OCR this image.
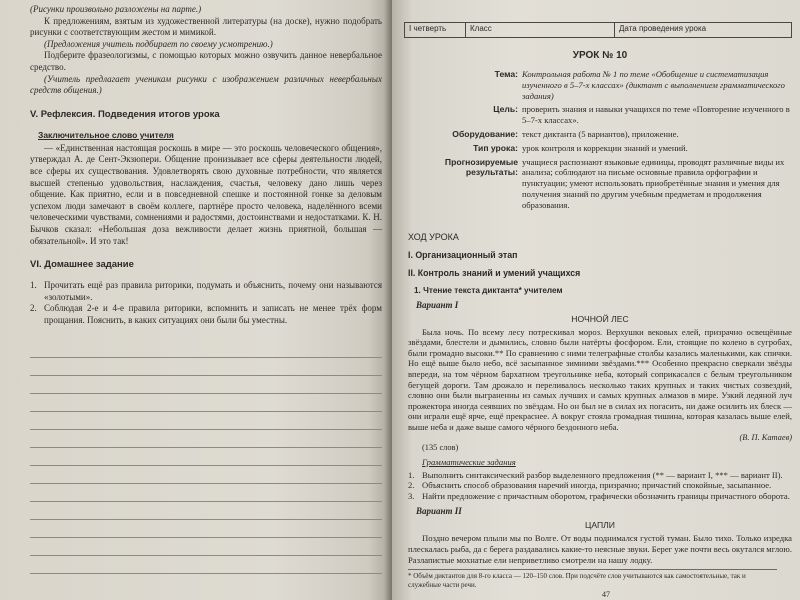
(Рисунки произвольно разложены на парте.)

К предложениям, взятым из художественной литературы (на доске), нужно подобрать рисунки с соответствующим жестом и мимикой.

(Предложения учитель подбирает по своему усмотрению.)

Подберите фразеологизмы, с помощью которых можно озвучить данное невербальное средство.

(Учитель предлагает ученикам рисунки с изображением различных невербальных средств общения.)

V. Рефлексия. Подведения итогов урока
Заключительное слово учителя

— «Единственная настоящая роскошь в мире — это роскошь человеческого общения», утверждал А. де Сент-Экзюпери. Общение пронизывает все сферы деятельности людей, все сферы их существования. Удовлетворять свою духовные потребности, что является высшей степенью удовольствия, наслаждения, счастья, человеку дано лишь через общение. Как приятно, если и в повседневной спешке и постоянной гонке за деловым успехом люди замечают в своём коллеге, партнёре просто человека, наделённого всеми человеческими чувствами, сомнениями и радостями, достоинствами и недостатками. К. Н. Бычков сказал: «Небольшая доза вежливости делает жизнь приятной, большая — обязательной». И это так!

VI. Домашнее задание
1. Прочитать ещё раз правила риторики, подумать и объяснить, почему они называются «золотыми».
2. Соблюдая 2-е и 4-е правила риторики, вспомнить и записать не менее трёх форм прощания. Пояснить, в каких ситуациях они были бы уместны.
I четверть	Класс	Дата проведения урока
УРОК № 10
Тема: Контрольная работа № 1 по теме «Обобщение и систематизация изученного в 5–7-х классах» (диктант с выполнением грамматического задания)
Цель: проверить знания и навыки учащихся по теме «Повторение изученного в 5–7-х классах».
Оборудование: текст диктанта (5 вариантов), приложение.
Тип урока: урок контроля и коррекции знаний и умений.
Прогнозируемые результаты:
учащиеся распознают языковые единицы, проводят различные виды их анализа; соблюдают на письме основные правила орфографии и пунктуации; умеют использовать приобретённые знания и умения для получения знаний по другим учебным предметам и продолжения образования.
ХОД УРОКА
I. Организационный этап
II. Контроль знаний и умений учащихся
1. Чтение текста диктанта* учителем
Вариант I
НОЧНОЙ ЛЕС

Была ночь. По всему лесу потрескивал мороз. Верхушки вековых елей, призрачно освещённые звёздами, блестели и дымились, словно были натёрты фосфором. Ели, стоящие по колено в сугробах, были громадно высоки.** По сравнению с ними телеграфные столбы казались маленькими, как спички. Но ещё выше было небо, всё засыпанное зимними звёздами.*** Особенно прекрасно сверкали звёзды впереди, на том чёрном бархатном треугольнике неба, который соприкасался с белым треугольником бегущей дороги. Там дрожало и переливалось несколько таких крупных и таких чистых созвездий, словно они были выграненны из самых лучших и самых крупных алмазов в мире. Узкий ледяной луч прожектора иногда сеявших по звёздам. Но он был не в силах их погасить, ни даже осилить их блеск — они играли ещё ярче, ещё прекраснее. А вокруг стояла громадная тишина, которая казалась выше елей, выше неба и даже выше самого чёрного бездонного неба.

(В. П. Катаев)
(135 слов)
Грамматические задания
1. Выполнить синтаксический разбор выделенного предложения (** — вариант I, *** — вариант II).
2. Объяснить способ образования наречий иногда, призрачно; причастий спокойные, засыпанное.
3. Найти предложение с причастным оборотом, графически обозначить границы причастного оборота.
Вариант II
ЦАПЛИ

Поздно вечером плыли мы по Волге. От воды поднимался густой туман. Было тихо. Только изредка плескалась рыба, да с берега раздавались какие-то неясные звуки. Берег уже почти весь окутался мглою. Разлапистые мохнатые ели неприветливо смотрели на нашу лодку.

* Объём диктантов для 8-го класса — 120–150 слов. При подсчёте слов учитываются как самостоятельные, так и служебные части речи.
47
